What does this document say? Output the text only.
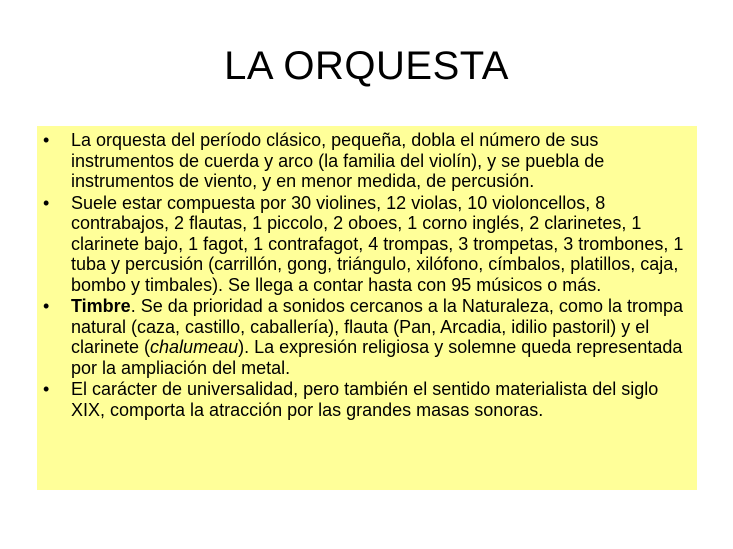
LA ORQUESTA
• La orquesta del período clásico, pequeña, dobla el número de sus instrumentos de cuerda y arco (la familia del violín), y se puebla de instrumentos de viento, y en menor medida, de percusión.
• Suele estar compuesta por 30 violines, 12 violas, 10 violoncellos, 8 contrabajos, 2 flautas, 1 piccolo, 2 oboes, 1 corno inglés, 2 clarinetes, 1 clarinete bajo, 1 fagot, 1 contrafagot, 4 trompas, 3 trompetas, 3 trombones, 1 tuba y percusión (carrillón, gong, triángulo, xilófono, címbalos, platillos, caja, bombo y timbales). Se llega a contar hasta con 95 músicos o más.
• Timbre. Se da prioridad a sonidos cercanos a la Naturaleza, como la trompa natural (caza, castillo, caballería), flauta (Pan, Arcadia, idilio pastoril) y el clarinete (chalumeau). La expresión religiosa y solemne queda representada por la ampliación del metal.
• El carácter de universalidad, pero también el sentido materialista del siglo XIX, comporta la atracción por las grandes masas sonoras.
